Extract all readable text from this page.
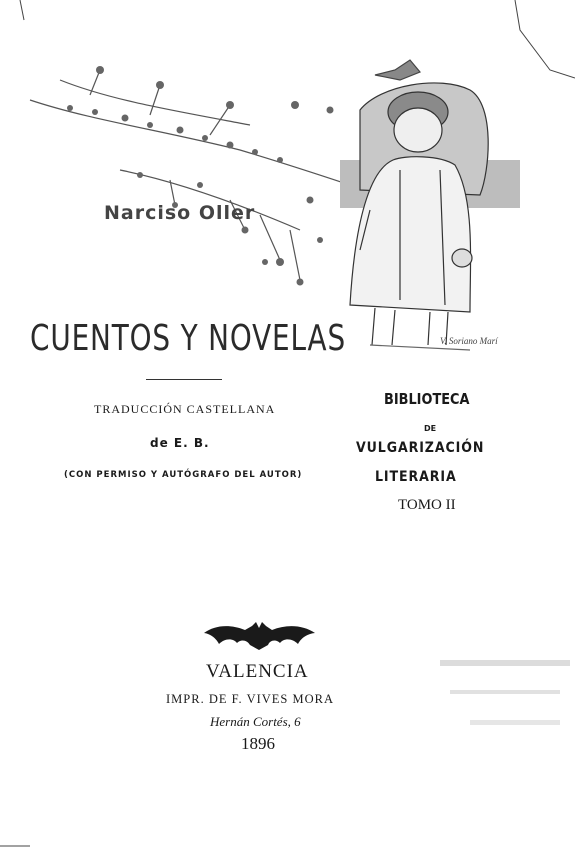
Narciso Oller
CUENTOS Y NOVELAS	V. Soriano Marí
TRADUCCIÓN CASTELLANA
de E. B.
(CON PERMISO Y AUTÓGRAFO DEL AUTOR)
BIBLIOTECA
DE
VULGARIZACIÓN
LITERARIA
TOMO II
VALENCIA
IMPR. DE F. VIVES MORA
Hernán Cortés, 6
1896
